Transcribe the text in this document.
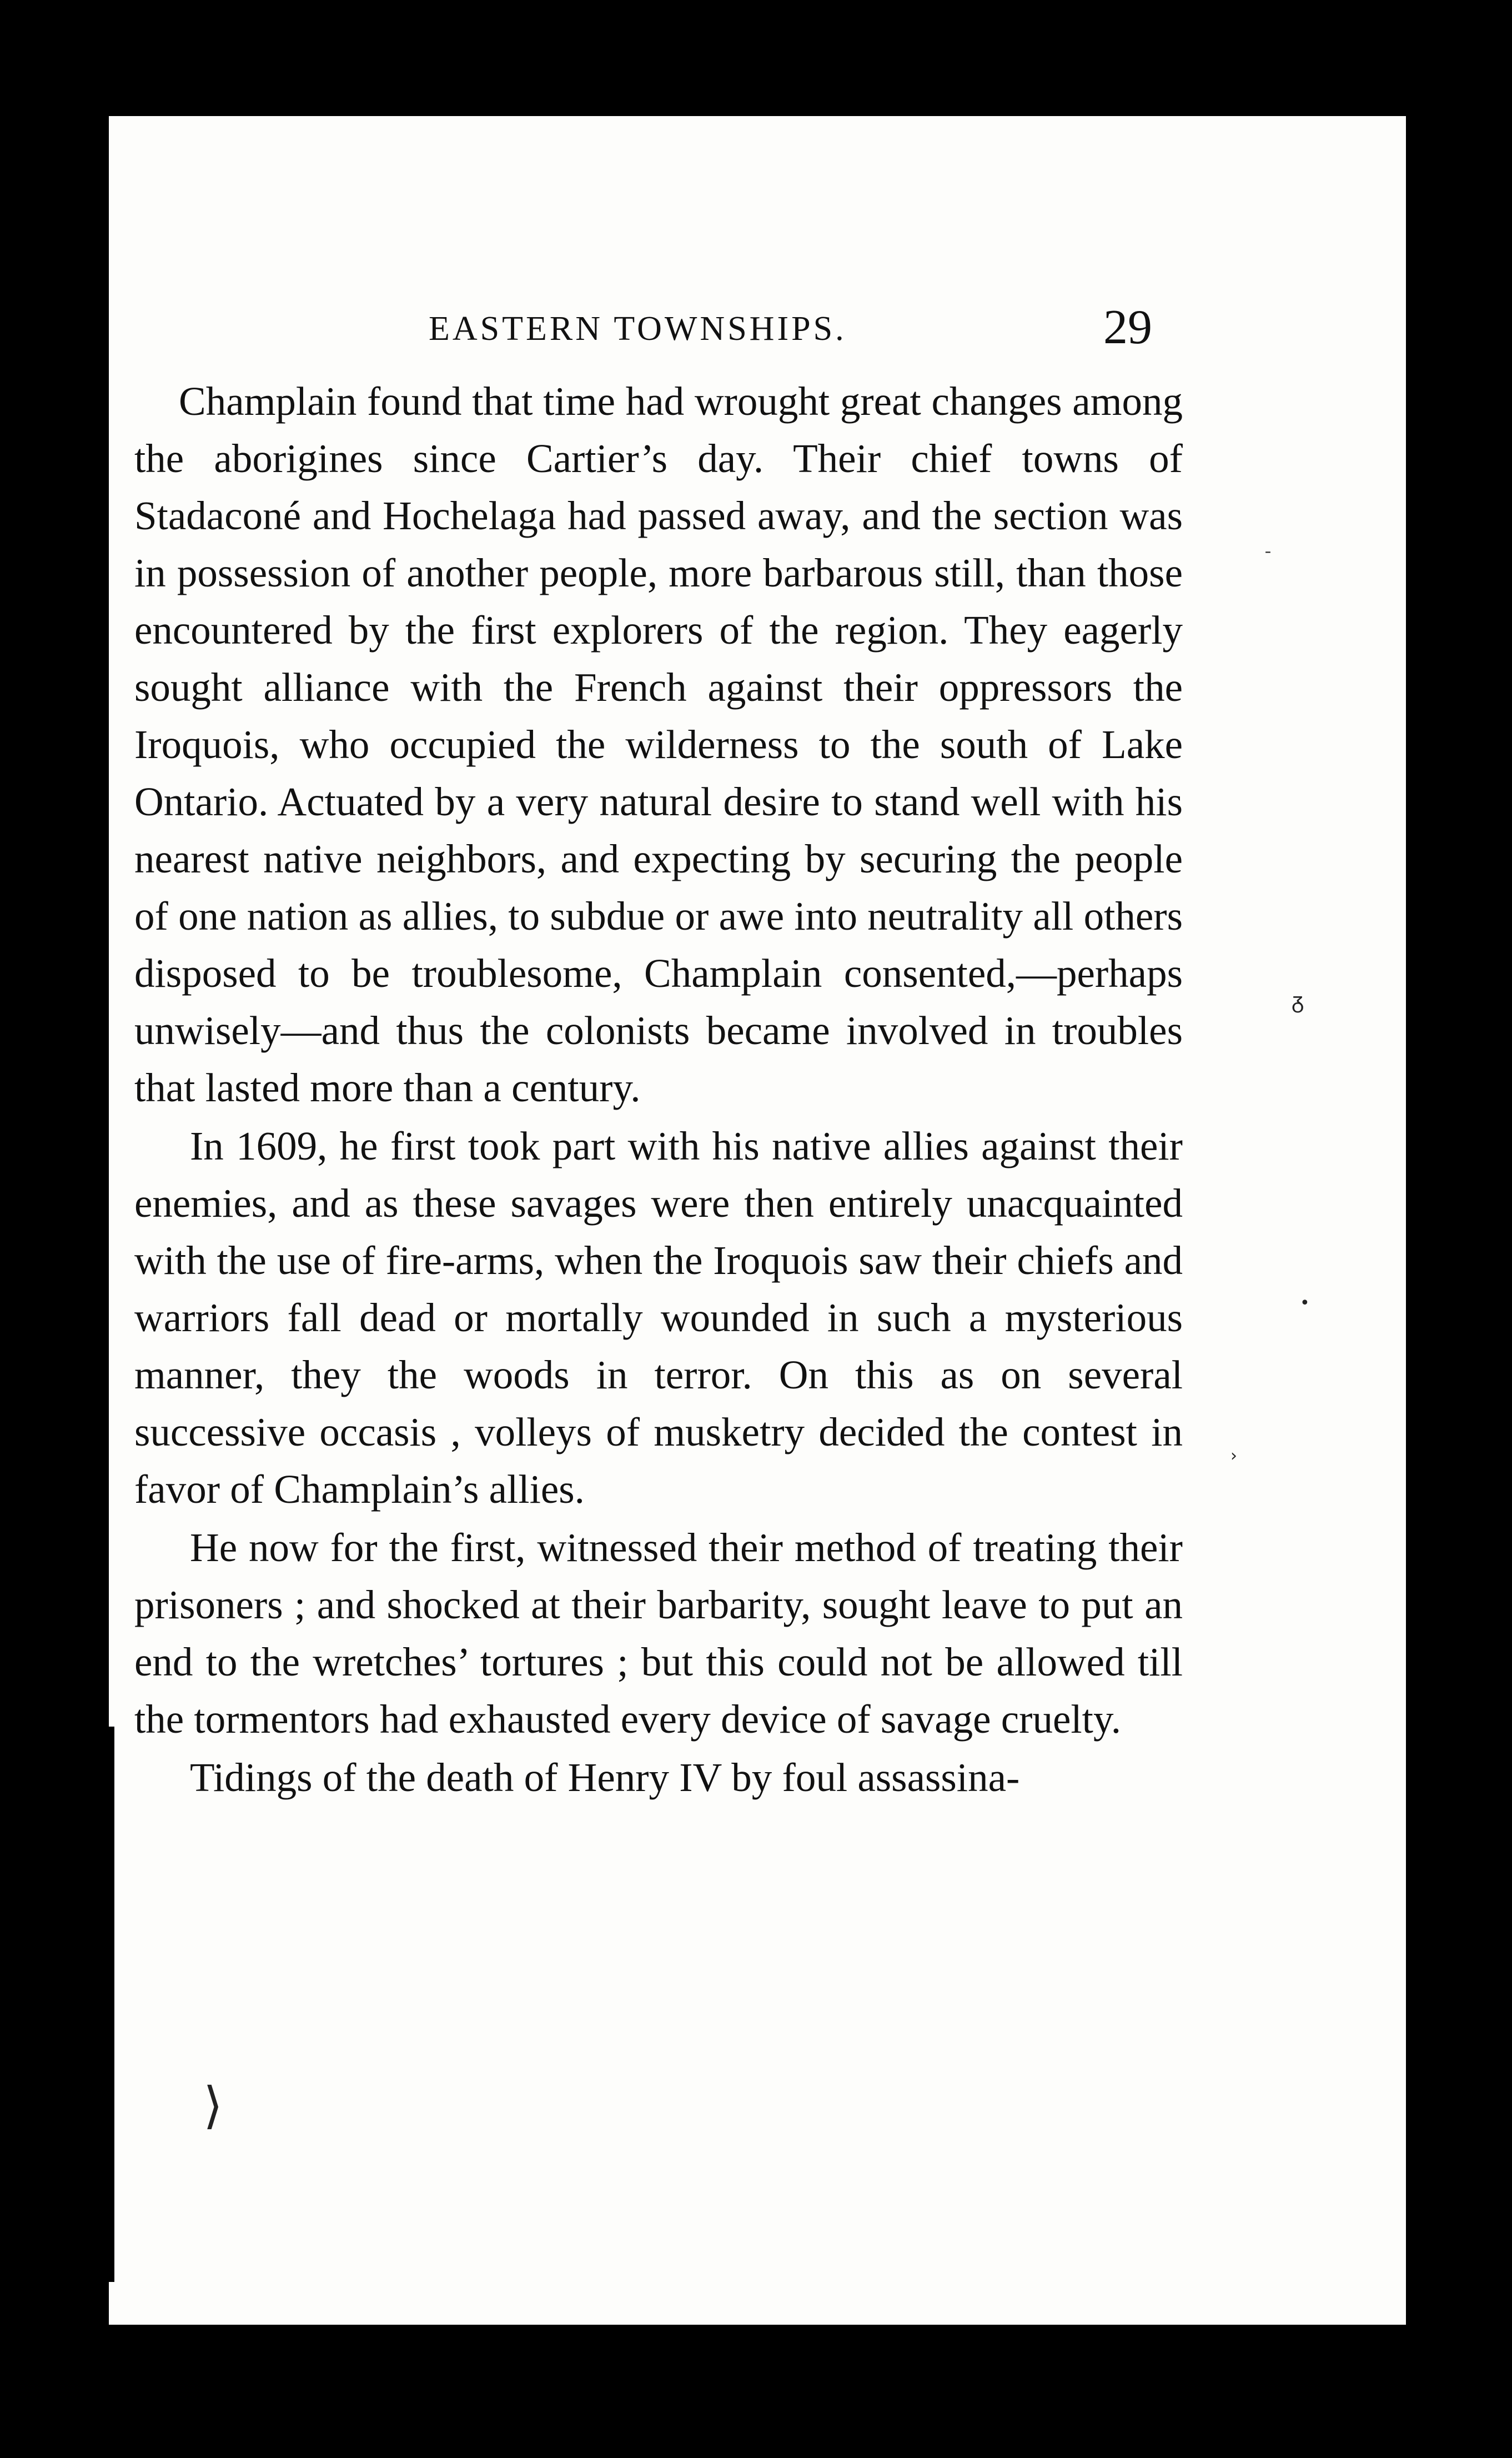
EASTERN TOWNSHIPS.	29

Champlain found that time had wrought great changes among the aborigines since Cartier’s day. Their chief towns of Stadaconé and Hochelaga had passed away, and the section was in possession of another people, more barbarous still, than those encountered by the first explorers of the region. They eagerly sought alliance with the French against their oppressors the Iroquois, who occupied the wilderness to the south of Lake Ontario. Actuated by a very natural desire to stand well with his nearest native neighbors, and expecting by securing the people of one nation as allies, to subdue or awe into neutrality all others disposed to be troublesome, Champlain consented,—perhaps unwisely—and thus the colonists became involved in troubles that lasted more than a century.

In 1609, he first took part with his native allies against their enemies, and as these savages were then entirely unacquainted with the use of fire-arms, when the Iroquois saw their chiefs and warriors fall dead or mortally wounded in such a mysterious manner, they the woods in terror. On this as on several successive occasis , volleys of musketry decided the contest in favor of Champlain’s allies.

He now for the first, witnessed their method of treating their prisoners ; and shocked at their barbarity, sought leave to put an end to the wretches’ tortures ; but this could not be allowed till the tormentors had exhausted every device of savage cruelty.

Tidings of the death of Henry IV by foul assassina-

⟩
ᵹ
•
›
ˉ
